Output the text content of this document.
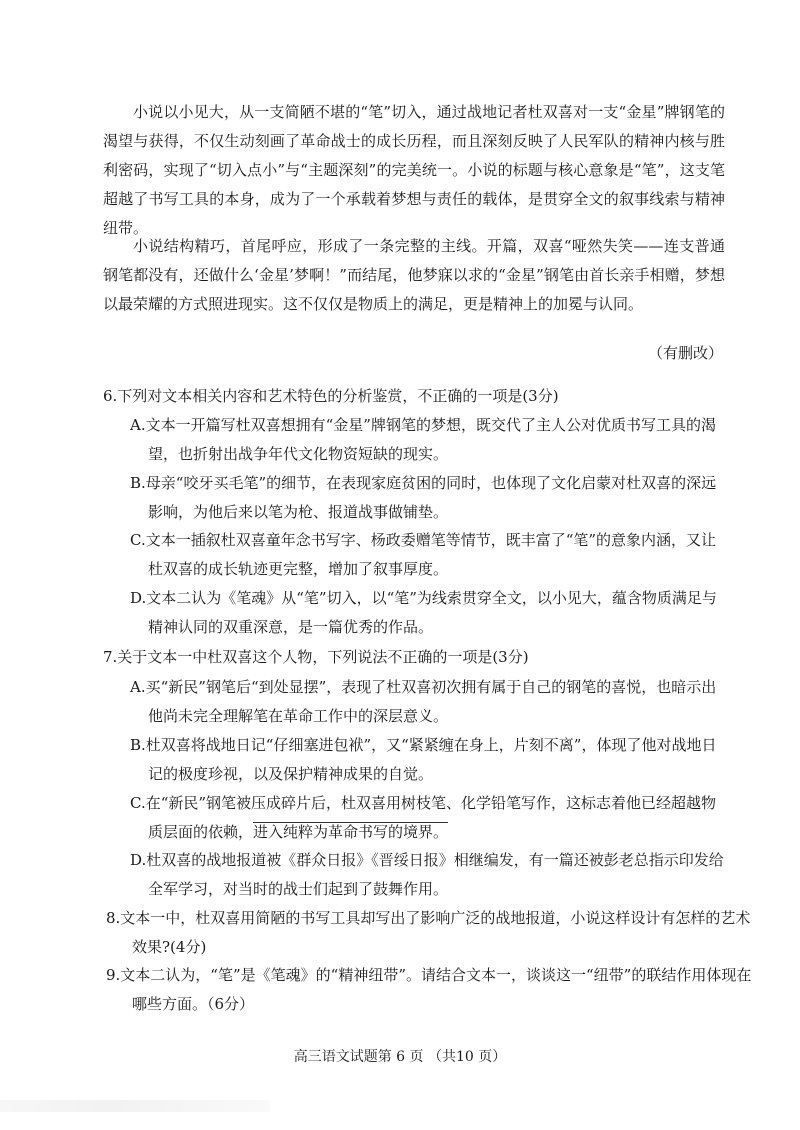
小说以小见大，从一支简陋不堪的“笔”切入，通过战地记者杜双喜对一支“金星”牌钢笔的渴望与获得，不仅生动刻画了革命战士的成长历程，而且深刻反映了人民军队的精神内核与胜利密码，实现了“切入点小”与“主题深刻”的完美统一。小说的标题与核心意象是“笔”，这支笔超越了书写工具的本身，成为了一个承载着梦想与责任的载体，是贯穿全文的叙事线索与精神纽带。

小说结构精巧，首尾呼应，形成了一条完整的主线。开篇，双喜“哑然失笑——连支普通钢笔都没有，还做什么‘金星’梦啊！”而结尾，他梦寐以求的“金星”钢笔由首长亲手相赠，梦想以最荣耀的方式照进现实。这不仅仅是物质上的满足，更是精神上的加冕与认同。

（有删改）

6.下列对文本相关内容和艺术特色的分析鉴赏，不正确的一项是(3分)

A.文本一开篇写杜双喜想拥有“金星”牌钢笔的梦想，既交代了主人公对优质书写工具的渴望，也折射出战争年代文化物资短缺的现实。

B.母亲“咬牙买毛笔”的细节，在表现家庭贫困的同时，也体现了文化启蒙对杜双喜的深远影响，为他后来以笔为枪、报道战事做铺垫。

C.文本一插叙杜双喜童年念书写字、杨政委赠笔等情节，既丰富了“笔”的意象内涵，又让杜双喜的成长轨迹更完整，增加了叙事厚度。

D.文本二认为《笔魂》从“笔”切入，以“笔”为线索贯穿全文，以小见大，蕴含物质满足与精神认同的双重深意，是一篇优秀的作品。

7.关于文本一中杜双喜这个人物，下列说法不正确的一项是(3分)

A.买“新民”钢笔后“到处显摆”，表现了杜双喜初次拥有属于自己的钢笔的喜悦，也暗示出他尚未完全理解笔在革命工作中的深层意义。

B.杜双喜将战地日记“仔细塞进包袱”，又“紧紧缠在身上，片刻不离”，体现了他对战地日记的极度珍视，以及保护精神成果的自觉。

C.在“新民”钢笔被压成碎片后，杜双喜用树枝笔、化学铅笔写作，这标志着他已经超越物质层面的依赖，进入纯粹为革命书写的境界。

D.杜双喜的战地报道被《群众日报》《晋绥日报》相继编发，有一篇还被彭老总指示印发给全军学习，对当时的战士们起到了鼓舞作用。

8.文本一中，杜双喜用简陋的书写工具却写出了影响广泛的战地报道，小说这样设计有怎样的艺术效果?(4分)

9.文本二认为，“笔”是《笔魂》的“精神纽带”。请结合文本一，谈谈这一“纽带”的联结作用体现在哪些方面。（6分）

高三语文试题第 6 页 （共10 页）
